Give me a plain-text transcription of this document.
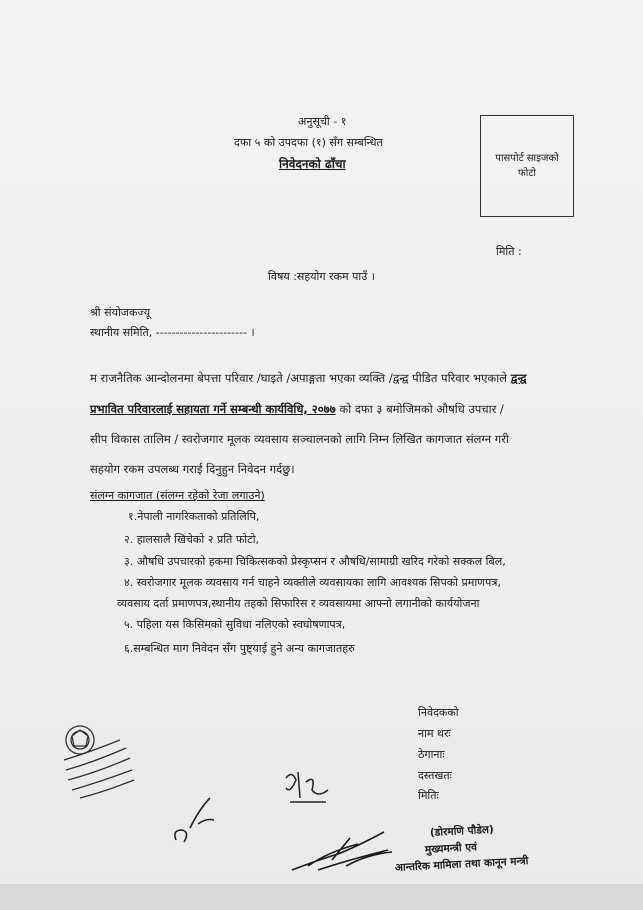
अनुसूची - १
दफा ५ को उपदफा (१) सँग सम्बन्धित
निवेदनको ढाँचा	पासपोर्ट साइजको
फोटो
मिति :
विषय :सहयोग रकम पाउँ ।
श्री संयोजकज्यू
स्थानीय समिति, ----------------------- ।
म राजनैतिक आन्दोलनमा बेपत्ता परिवार /घाइते /अपाङ्गता भएका व्यक्ति /द्वन्द्व पीडित परिवार भएकाले द्वन्द्व
प्रभावित परिवारलाई सहायता गर्ने सम्बन्धी कार्यविधि, २०७७ को दफा ३ बमोजिमको औषधि उपचार /
सीप विकास तालिम / स्वरोजगार मूलक व्यवसाय सञ्चालनको लागि निम्न लिखित कागजात संलग्न गरी
सहयोग रकम उपलब्ध गराई दिनुहुन निवेदन गर्दछु।
संलग्न कागजात (संलग्न रहेको रेजा लगाउने)
१.नेपाली नागरिकताको प्रतिलिपि,
२. हालसालै खिचेको २ प्रति फोटो,
३. औषधि उपचारको हकमा चिकित्सकको प्रेस्कृप्सन र औषधि/सामाग्री खरिद गरेको सक्कल बिल,
४. स्वरोजगार मूलक व्यवसाय गर्न चाहने व्यक्तीले व्यवसायका लागि आवश्यक सिपको प्रमाणपत्र,
व्यवसाय दर्ता प्रमाणपत्र,स्थानीय तहको सिफारिस र व्यवसायमा आफ्नो लगानीको कार्ययोजना
५. पहिला यस किसिमको सुविधा नलिएको स्वघोषणापत्र,
६.सम्बन्धित माग निवेदन सँग पुष्ट्याई हुने अन्य कागजातहरु
निवेदकको
नाम थरः
ठेगानाः
दस्तखतः
मितिः
(डोरमणि पौडेल)
मुख्यमन्त्री एवं
आन्तरिक मामिला तथा कानून मन्त्री
